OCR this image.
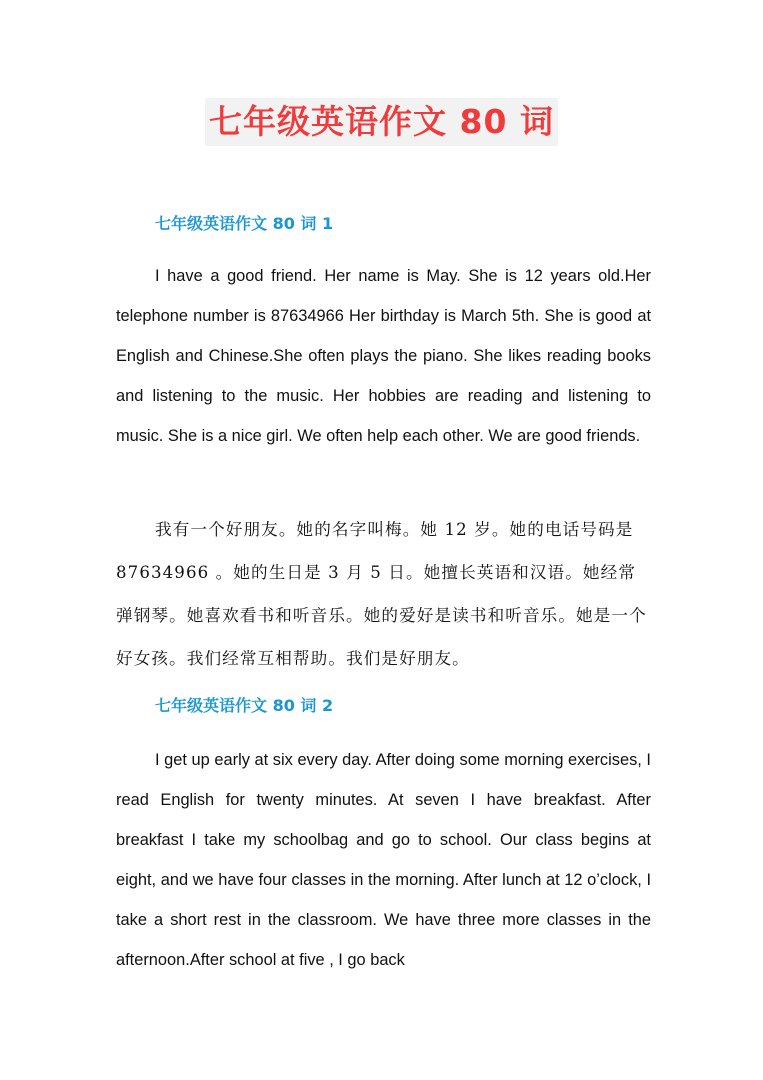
七年级英语作文 80 词
七年级英语作文 80 词 1

I have a good friend. Her name is May. She is 12 years old.Her telephone number is 87634966 Her birthday is March 5th. She is good at English and Chinese.She often plays the piano. She likes reading books and listening to the music. Her hobbies are reading and listening to music. She is a nice girl. We often help each other. We are good friends.

我有一个好朋友。她的名字叫梅。她 12 岁。她的电话号码是 87634966 。她的生日是 3 月 5 日。她擅长英语和汉语。她经常弹钢琴。她喜欢看书和听音乐。她的爱好是读书和听音乐。她是一个好女孩。我们经常互相帮助。我们是好朋友。

七年级英语作文 80 词 2

I get up early at six every day. After doing some morning exercises, I read English for twenty minutes. At seven I have breakfast. After breakfast I take my schoolbag and go to school. Our class begins at eight, and we have four classes in the morning. After lunch at 12 o’clock, I take a short rest in the classroom. We have three more classes in the afternoon.After school at five , I go back
